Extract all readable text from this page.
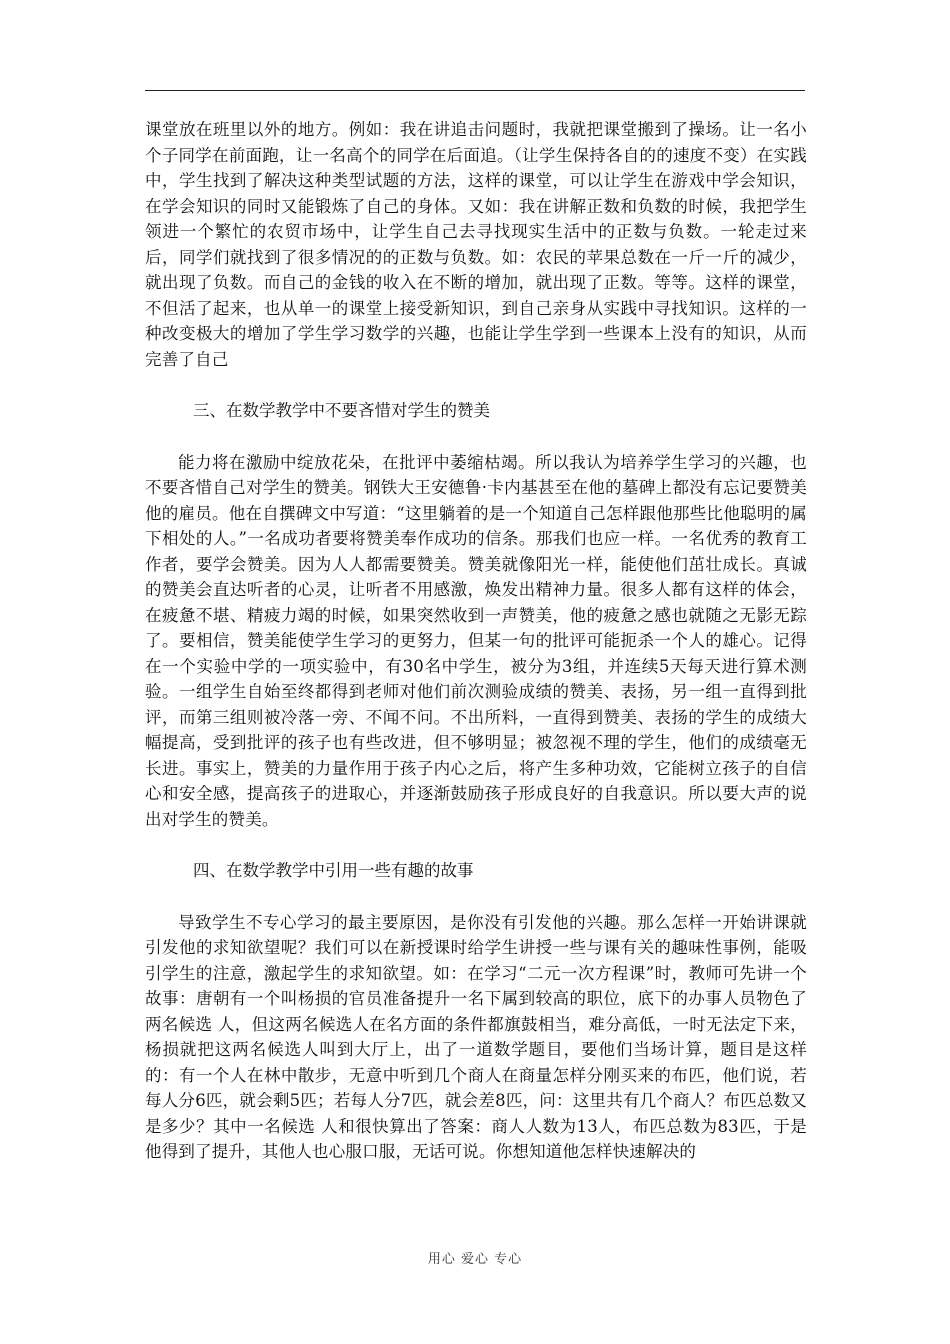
课堂放在班里以外的地方。例如：我在讲追击问题时，我就把课堂搬到了操场。让一名小个子同学在前面跑，让一名高个的同学在后面追。（让学生保持各自的的速度不变）在实践中，学生找到了解决这种类型试题的方法，这样的课堂，可以让学生在游戏中学会知识，在学会知识的同时又能锻炼了自己的身体。又如：我在讲解正数和负数的时候，我把学生领进一个繁忙的农贸市场中，让学生自己去寻找现实生活中的正数与负数。一轮走过来后，同学们就找到了很多情况的的正数与负数。如：农民的苹果总数在一斤一斤的减少，就出现了负数。而自己的金钱的收入在不断的增加，就出现了正数。等等。这样的课堂，不但活了起来，也从单一的课堂上接受新知识，到自己亲身从实践中寻找知识。这样的一种改变极大的增加了学生学习数学的兴趣，也能让学生学到一些课本上没有的知识，从而完善了自己

三、在数学教学中不要吝惜对学生的赞美

能力将在激励中绽放花朵，在批评中萎缩枯竭。所以我认为培养学生学习的兴趣，也不要吝惜自己对学生的赞美。钢铁大王安德鲁·卡内基甚至在他的墓碑上都没有忘记要赞美他的雇员。他在自撰碑文中写道：“这里躺着的是一个知道自己怎样跟他那些比他聪明的属下相处的人。”一名成功者要将赞美奉作成功的信条。那我们也应一样。一名优秀的教育工作者，要学会赞美。因为人人都需要赞美。赞美就像阳光一样，能使他们茁壮成长。真诚的赞美会直达听者的心灵，让听者不用感激，焕发出精神力量。很多人都有这样的体会，在疲惫不堪、精疲力竭的时候，如果突然收到一声赞美，他的疲惫之感也就随之无影无踪了。要相信，赞美能使学生学习的更努力，但某一句的批评可能扼杀一个人的雄心。记得在一个实验中学的一项实验中，有30名中学生，被分为3组，并连续5天每天进行算术测验。一组学生自始至终都得到老师对他们前次测验成绩的赞美、表扬，另一组一直得到批评，而第三组则被冷落一旁、不闻不问。不出所料，一直得到赞美、表扬的学生的成绩大幅提高，受到批评的孩子也有些改进，但不够明显；被忽视不理的学生，他们的成绩毫无长进。事实上，赞美的力量作用于孩子内心之后，将产生多种功效，它能树立孩子的自信心和安全感，提高孩子的进取心，并逐渐鼓励孩子形成良好的自我意识。所以要大声的说出对学生的赞美。

四、在数学教学中引用一些有趣的故事

导致学生不专心学习的最主要原因，是你没有引发他的兴趣。那么怎样一开始讲课就引发他的求知欲望呢？我们可以在新授课时给学生讲授一些与课有关的趣味性事例，能吸引学生的注意，激起学生的求知欲望。如：在学习“二元一次方程课”时，教师可先讲一个故事：唐朝有一个叫杨损的官员准备提升一名下属到较高的职位，底下的办事人员物色了两名候选 人，但这两名候选人在名方面的条件都旗鼓相当，难分高低，一时无法定下来，杨损就把这两名候选人叫到大厅上，出了一道数学题目，要他们当场计算，题目是这样的：有一个人在林中散步，无意中听到几个商人在商量怎样分刚买来的布匹，他们说，若每人分6匹，就会剩5匹；若每人分7匹，就会差8匹，问：这里共有几个商人？布匹总数又是多少？其中一名候选 人和很快算出了答案：商人人数为13人，布匹总数为83匹，于是他得到了提升，其他人也心服口服，无话可说。你想知道他怎样快速解决的

用心 爱心 专心
